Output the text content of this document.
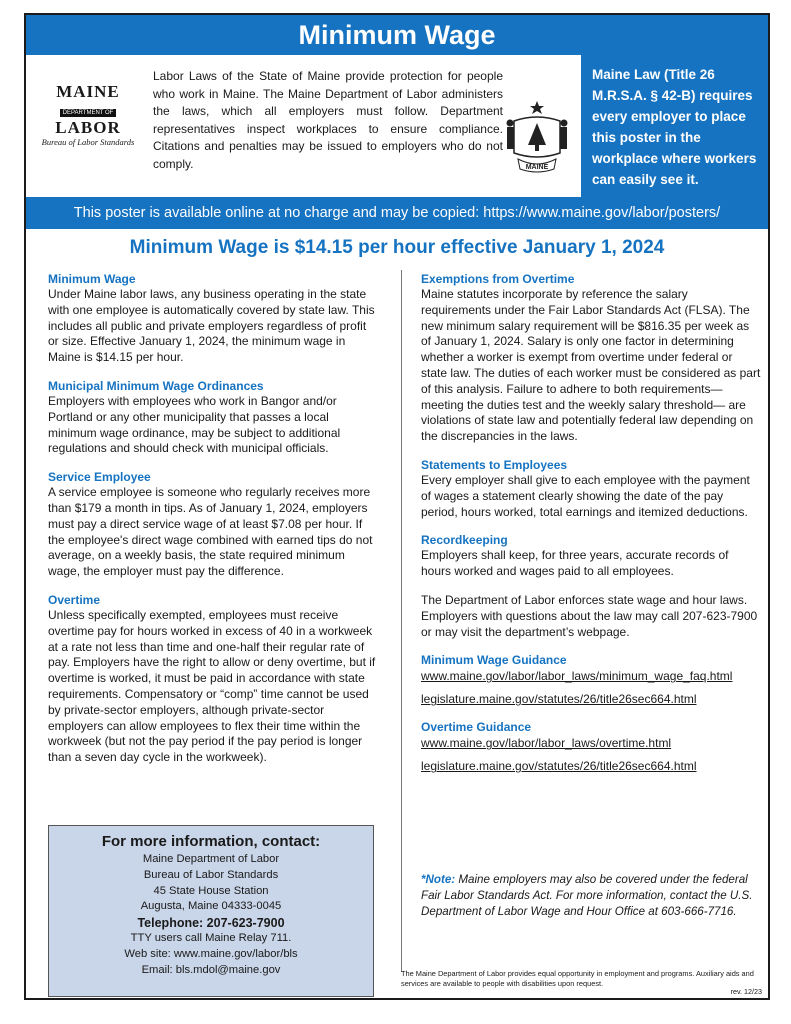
Minimum Wage
MAINE
DEPARTMENT OF
LABOR
Bureau of Labor Standards
Labor Laws of the State of Maine provide protection for people who work in Maine. The Maine Department of Labor administers the laws, which all employers must follow. Department representatives inspect workplaces to ensure compliance. Citations and penalties may be issued to employers who do not comply.	MAINE
Maine Law (Title 26 M.R.S.A. § 42-B) requires every employer to place this poster in the workplace where workers can easily see it.
This poster is available online at no charge and may be copied: https://www.maine.gov/labor/posters/
Minimum Wage is $14.15 per hour effective January 1, 2024
Minimum Wage
Under Maine labor laws, any business operating in the state with one employee is automatically covered by state law. This includes all public and private employers regardless of profit or size. Effective January 1, 2024, the minimum wage in Maine is $14.15 per hour.
Municipal Minimum Wage Ordinances
Employers with employees who work in Bangor and/or Portland or any other municipality that passes a local minimum wage ordinance, may be subject to additional regulations and should check with municipal officials.
Service Employee
A service employee is someone who regularly receives more than $179 a month in tips. As of January 1, 2024, employers must pay a direct service wage of at least $7.08 per hour. If the employee's direct wage combined with earned tips do not average, on a weekly basis, the state required minimum wage, the employer must pay the difference.
Overtime
Unless specifically exempted, employees must receive overtime pay for hours worked in excess of 40 in a workweek at a rate not less than time and one-half their regular rate of pay. Employers have the right to allow or deny overtime, but if overtime is worked, it must be paid in accordance with state requirements. Compensatory or “comp” time cannot be used by private-sector employers, although private-sector employers can allow employees to flex their time within the workweek (but not the pay period if the pay period is longer than a seven day cycle in the workweek).
Exemptions from Overtime
Maine statutes incorporate by reference the salary requirements under the Fair Labor Standards Act (FLSA). The new minimum salary requirement will be $816.35 per week as of January 1, 2024. Salary is only one factor in determining whether a worker is exempt from overtime under federal or state law. The duties of each worker must be considered as part of this analysis. Failure to adhere to both requirements—meeting the duties test and the weekly salary threshold— are violations of state law and potentially federal law depending on the discrepancies in the laws.
Statements to Employees
Every employer shall give to each employee with the payment of wages a statement clearly showing the date of the pay period, hours worked, total earnings and itemized deductions.
Recordkeeping
Employers shall keep, for three years, accurate records of hours worked and wages paid to all employees.
The Department of Labor enforces state wage and hour laws. Employers with questions about the law may call 207-623-7900 or may visit the department’s webpage.
Minimum Wage Guidance
www.maine.gov/labor/labor_laws/minimum_wage_faq.html
legislature.maine.gov/statutes/26/title26sec664.html
Overtime Guidance
www.maine.gov/labor/labor_laws/overtime.html
legislature.maine.gov/statutes/26/title26sec664.html
*Note: Maine employers may also be covered under the federal Fair Labor Standards Act. For more information, contact the U.S. Department of Labor Wage and Hour Office at 603-666-7716.
For more information, contact:
Maine Department of Labor
Bureau of Labor Standards
45 State House Station
Augusta, Maine 04333-0045
Telephone: 207-623-7900
TTY users call Maine Relay 711.
Web site: www.maine.gov/labor/bls
Email: bls.mdol@maine.gov	The Maine Department of Labor provides equal opportunity in employment and programs. Auxiliary aids and services are available to people with disabilities upon request.
rev. 12/23
